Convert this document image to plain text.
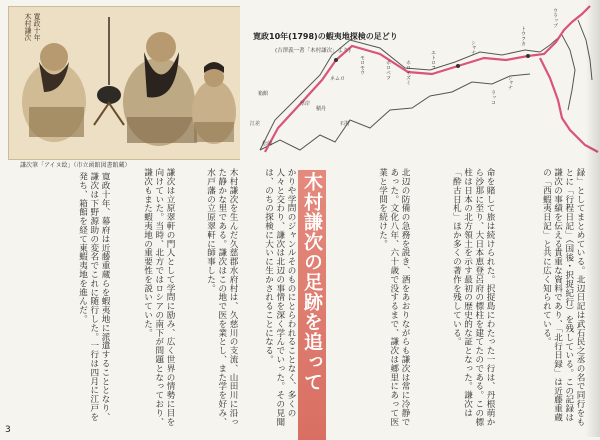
寛政十年
木村謙次
謙次筆「アイヌ絵」（市立函館図書館蔵）
寛政10年(1798)の蝦夷地探検の足どり
(吉澤義一著「木村謙次」より)
モロモウ	ホロベツ	エトロフ
シャナ
ウラップ
トウフカ
シャナ
ラッコ
ネムロ	ホロイズミ
厚岸
箱館
松前
江差
積丹
石狩
録」としてまとめている。北辺日記は武石民之丞の名で同行をもとに「行程日記」（国後・択捉紀行）を残している。この記録は謙次の事績を伝える貴重な資料であり、「北行日録」は近藤重蔵の「西蝦夷日記」と共に広く知られている。
命を賭して旅は続けられた。択捉島にわたった一行は、丹根萌から沙那に至り、大日本恵登呂府の標柱を建てたのである。この標柱は日本の北方領土を示す最初の歴史的な証となった。謙次は「酔古日札」ほか多くの著作を残している。
北辺の防備の急務を説き、酒をあおりながらも謙次は常に冷静であった。文化八年、六十歳で没するまで、謙次は郷里にあって医業と学問を続けた。
木村謙次の足跡を追って
かりや学問のジャンルそのものにとらわれることなく、多くの人々と交わり、謙次は北辺の事情を深く学んでいった。その見聞は、のちの探検に大いに生かされることになる。
木村謙次を生んだ久慈郡水府村は、久慈川の支流、山田川に沿った静かな里である。謙次はこの地で医を業とし、また学を好み、水戸藩の立原翠軒に師事した。
謙次は立原翠軒の門人として学問に励み、広く世界の情勢に目を向けていた。当時、北方ではロシアの南下が問題となっており、謙次もまた蝦夷地の重要性を説いていた。
寛政十年、幕府は近藤重蔵らを蝦夷地に派遣することとなり、謙次は下野源助の変名でこれに随行した。一行は四月に江戸を発ち、箱館を経て東蝦夷地を進んだ。
3
